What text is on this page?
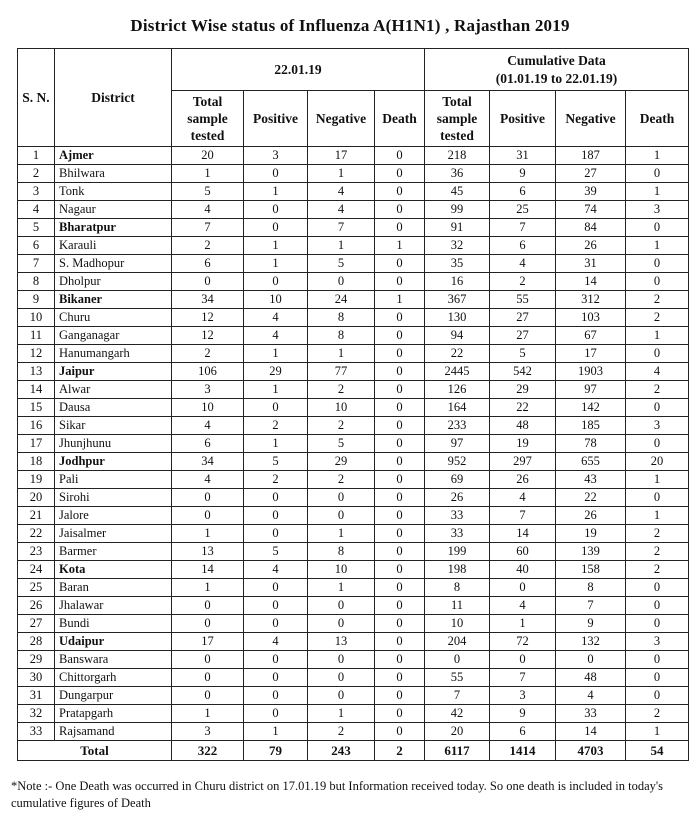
District Wise status of Influenza A(H1N1) , Rajasthan 2019
S. N.	District	22.01.19				Cumulative Data
(01.01.19 to 22.01.19)			
		Total sample tested	Positive	Negative	Death	Total sample tested	Positive	Negative	Death
1	Ajmer	20	3	17	0	218	31	187	1
2	Bhilwara	1	0	1	0	36	9	27	0
3	Tonk	5	1	4	0	45	6	39	1
4	Nagaur	4	0	4	0	99	25	74	3
5	Bharatpur	7	0	7	0	91	7	84	0
6	Karauli	2	1	1	1	32	6	26	1
7	S. Madhopur	6	1	5	0	35	4	31	0
8	Dholpur	0	0	0	0	16	2	14	0
9	Bikaner	34	10	24	1	367	55	312	2
10	Churu	12	4	8	0	130	27	103	2
11	Ganganagar	12	4	8	0	94	27	67	1
12	Hanumangarh	2	1	1	0	22	5	17	0
13	Jaipur	106	29	77	0	2445	542	1903	4
14	Alwar	3	1	2	0	126	29	97	2
15	Dausa	10	0	10	0	164	22	142	0
16	Sikar	4	2	2	0	233	48	185	3
17	Jhunjhunu	6	1	5	0	97	19	78	0
18	Jodhpur	34	5	29	0	952	297	655	20
19	Pali	4	2	2	0	69	26	43	1
20	Sirohi	0	0	0	0	26	4	22	0
21	Jalore	0	0	0	0	33	7	26	1
22	Jaisalmer	1	0	1	0	33	14	19	2
23	Barmer	13	5	8	0	199	60	139	2
24	Kota	14	4	10	0	198	40	158	2
25	Baran	1	0	1	0	8	0	8	0
26	Jhalawar	0	0	0	0	11	4	7	0
27	Bundi	0	0	0	0	10	1	9	0
28	Udaipur	17	4	13	0	204	72	132	3
29	Banswara	0	0	0	0	0	0	0	0
30	Chittorgarh	0	0	0	0	55	7	48	0
31	Dungarpur	0	0	0	0	7	3	4	0
32	Pratapgarh	1	0	1	0	42	9	33	2
33	Rajsamand	3	1	2	0	20	6	14	1
Total		322	79	243	2	6117	1414	4703	54
*Note :- One Death was occurred in Churu district on 17.01.19 but Information received today. So one death is included in today's cumulative figures of Death
